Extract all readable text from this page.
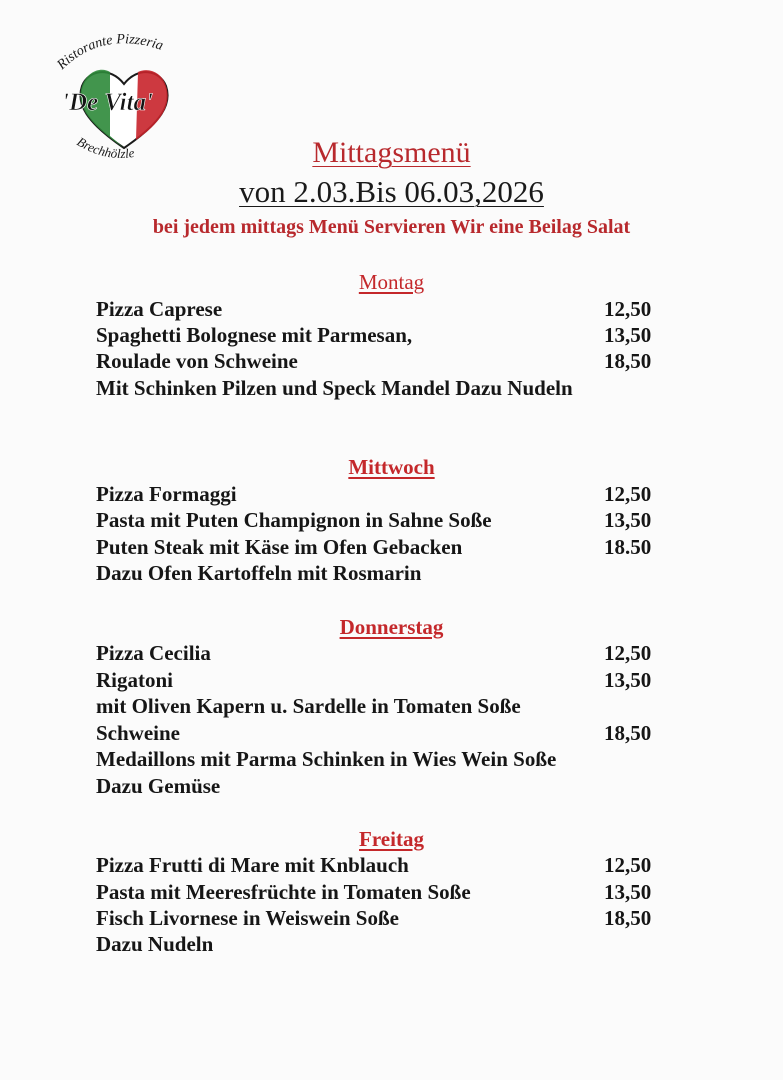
Ristorante Pizzeria
Brechhölzle
'De Vita'
Mittagsmenü
von 2.03.Bis 06.03,2026
bei jedem mittags Menü Servieren Wir eine Beilag Salat
Montag
Pizza Caprese	12,50
Spaghetti Bolognese mit Parmesan,	13,50
Roulade von Schweine	18,50
Mit Schinken Pilzen und Speck Mandel Dazu Nudeln
Mittwoch
Pizza Formaggi	12,50
Pasta mit Puten Champignon in Sahne Soße	13,50
Puten Steak mit Käse im Ofen Gebacken	18.50
Dazu Ofen Kartoffeln mit Rosmarin
Donnerstag
Pizza Cecilia	12,50
Rigatoni	13,50
mit Oliven Kapern u. Sardelle in Tomaten Soße
Schweine	18,50
Medaillons mit Parma Schinken in Wies Wein Soße
Dazu Gemüse
Freitag
Pizza Frutti di Mare mit Knblauch	12,50
Pasta mit Meeresfrüchte in Tomaten Soße	13,50
Fisch Livornese in Weiswein Soße	18,50
Dazu Nudeln
